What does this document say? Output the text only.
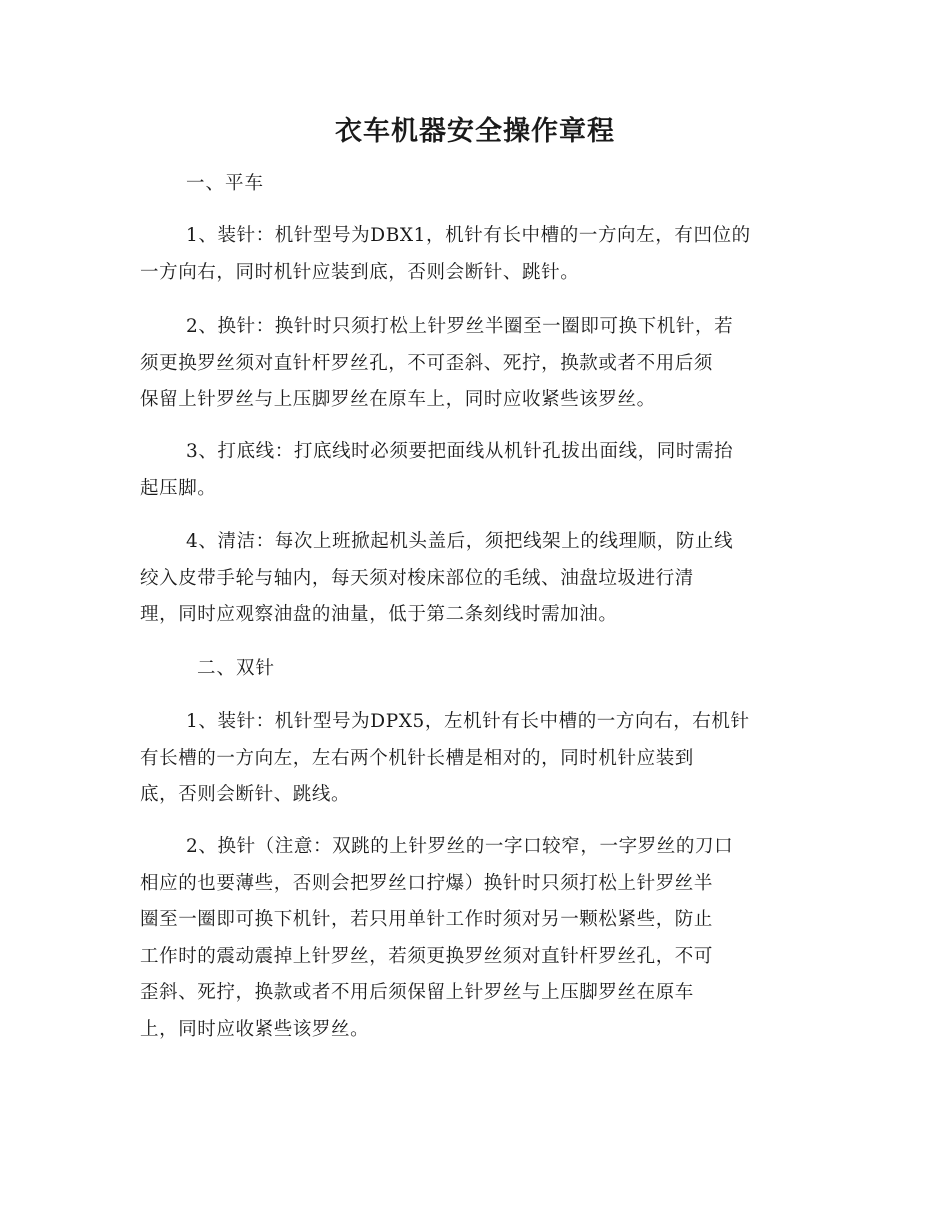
衣车机器安全操作章程

一、平车

1、装针：机针型号为DBX1，机针有长中槽的一方向左，有凹位的
一方向右，同时机针应装到底，否则会断针、跳针。

2、换针：换针时只须打松上针罗丝半圈至一圈即可换下机针，若
须更换罗丝须对直针杆罗丝孔，不可歪斜、死拧，换款或者不用后须
保留上针罗丝与上压脚罗丝在原车上，同时应收紧些该罗丝。

3、打底线：打底线时必须要把面线从机针孔拔出面线，同时需抬
起压脚。

4、清洁：每次上班掀起机头盖后，须把线架上的线理顺，防止线
绞入皮带手轮与轴内，每天须对梭床部位的毛绒、油盘垃圾进行清
理，同时应观察油盘的油量，低于第二条刻线时需加油。

二、双针

1、装针：机针型号为DPX5，左机针有长中槽的一方向右，右机针
有长槽的一方向左，左右两个机针长槽是相对的，同时机针应装到
底，否则会断针、跳线。

2、换针（注意：双跳的上针罗丝的一字口较窄，一字罗丝的刀口
相应的也要薄些，否则会把罗丝口拧爆）换针时只须打松上针罗丝半
圈至一圈即可换下机针，若只用单针工作时须对另一颗松紧些，防止
工作时的震动震掉上针罗丝，若须更换罗丝须对直针杆罗丝孔，不可
歪斜、死拧，换款或者不用后须保留上针罗丝与上压脚罗丝在原车
上，同时应收紧些该罗丝。
